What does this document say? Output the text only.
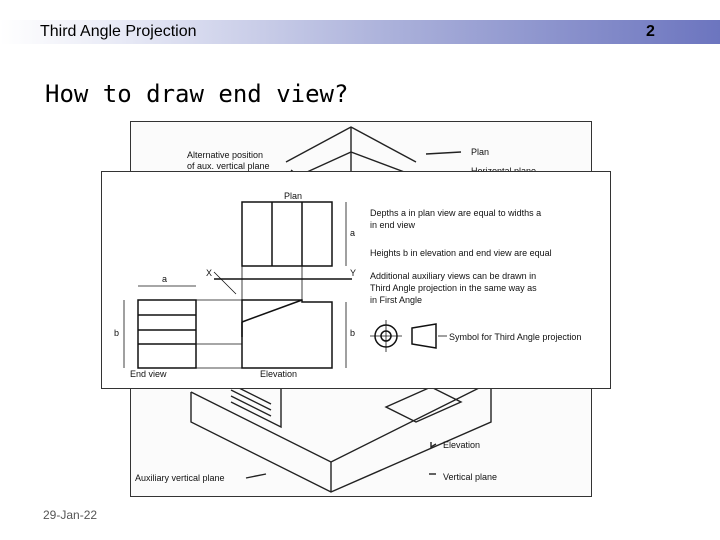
Third Angle Projection	2
How to draw end view?
Alternative position
of aux. vertical plane
Plan
Elevation
Auxiliary vertical plane	Vertical plane
Plan
a
a
b	b
X	Y
End view	Elevation
Depths a in plan view are equal to widths a
in end view
Heights b in elevation and end view are equal
Additional auxiliary views can be drawn in
Third Angle projection in the same way as
in First Angle
Symbol for Third Angle projection
29-Jan-22
